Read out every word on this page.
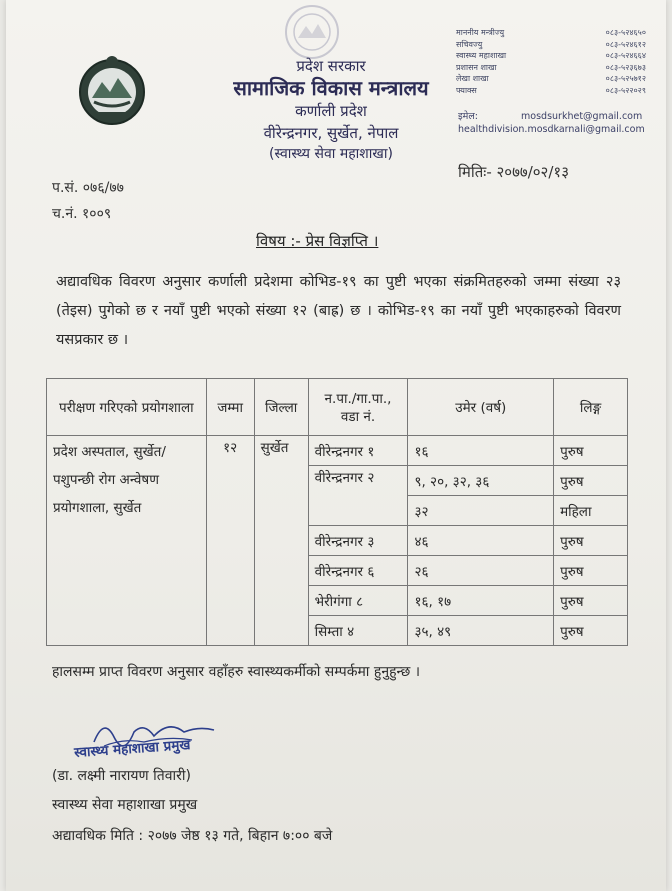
प्रदेश सरकार
सामाजिक विकास मन्त्रालय
कर्णाली प्रदेश
वीरेन्द्रनगर, सुर्खेत, नेपाल
(स्वास्थ्य सेवा महाशाखा)
माननीय मन्त्रीज्यु	०८३-५२४६५०
सचिवज्यु	०८३-५२४६१२
स्वास्थ्य महाशाखा	०८३-५२४६६४
प्रशासन शाखा	०८३-५२३६७३
लेखा शाखा	०८३-५२५७१२
फ्याक्स	०८३-५२२०२९
इमेल:	mosdsurkhet@gmail.com
healthdivision.mosdkarnali@gmail.com
मितिः- २०७७/०२/१३
प.सं. ०७६/७७
च.नं. १००९
विषय :- प्रेस विज्ञप्ति ।
अद्यावधिक विवरण अनुसार कर्णाली प्रदेशमा कोभिड-१९ का पुष्टी भएका संक्रमितहरुको जम्मा संख्या २३ (तेइस) पुगेको छ र नयाँ पुष्टी भएको संख्या १२ (बाह्र) छ । कोभिड-१९ का नयाँ पुष्टी भएकाहरुको विवरण यसप्रकार छ ।
परीक्षण गरिएको प्रयोगशाला	जम्मा	जिल्ला	न.पा./गा.पा., वडा नं.	उमेर (वर्ष)	लिङ्ग
प्रदेश अस्पताल, सुर्खेत/ पशुपन्छी रोग अन्वेषण प्रयोगशाला, सुर्खेत	१२	सुर्खेत	वीरेन्द्रनगर १	१६	पुरुष
			वीरेन्द्रनगर २	९, २०, ३२, ३६	पुरुष
				३२	महिला
			वीरेन्द्रनगर ३	४६	पुरुष
			वीरेन्द्रनगर ६	२६	पुरुष
			भेरीगंगा ८	१६, १७	पुरुष
			सिम्ता ४	३५, ४९	पुरुष
हालसम्म प्राप्त विवरण अनुसार वहाँहरु स्वास्थ्यकर्मीको सम्पर्कमा हुनुहुन्छ ।
स्वास्थ्य महाशाखा प्रमुख
(डा. लक्ष्मी नारायण तिवारी)
स्वास्थ्य सेवा महाशाखा प्रमुख
अद्यावधिक मिति : २०७७ जेष्ठ १३ गते, बिहान ७:०० बजे
